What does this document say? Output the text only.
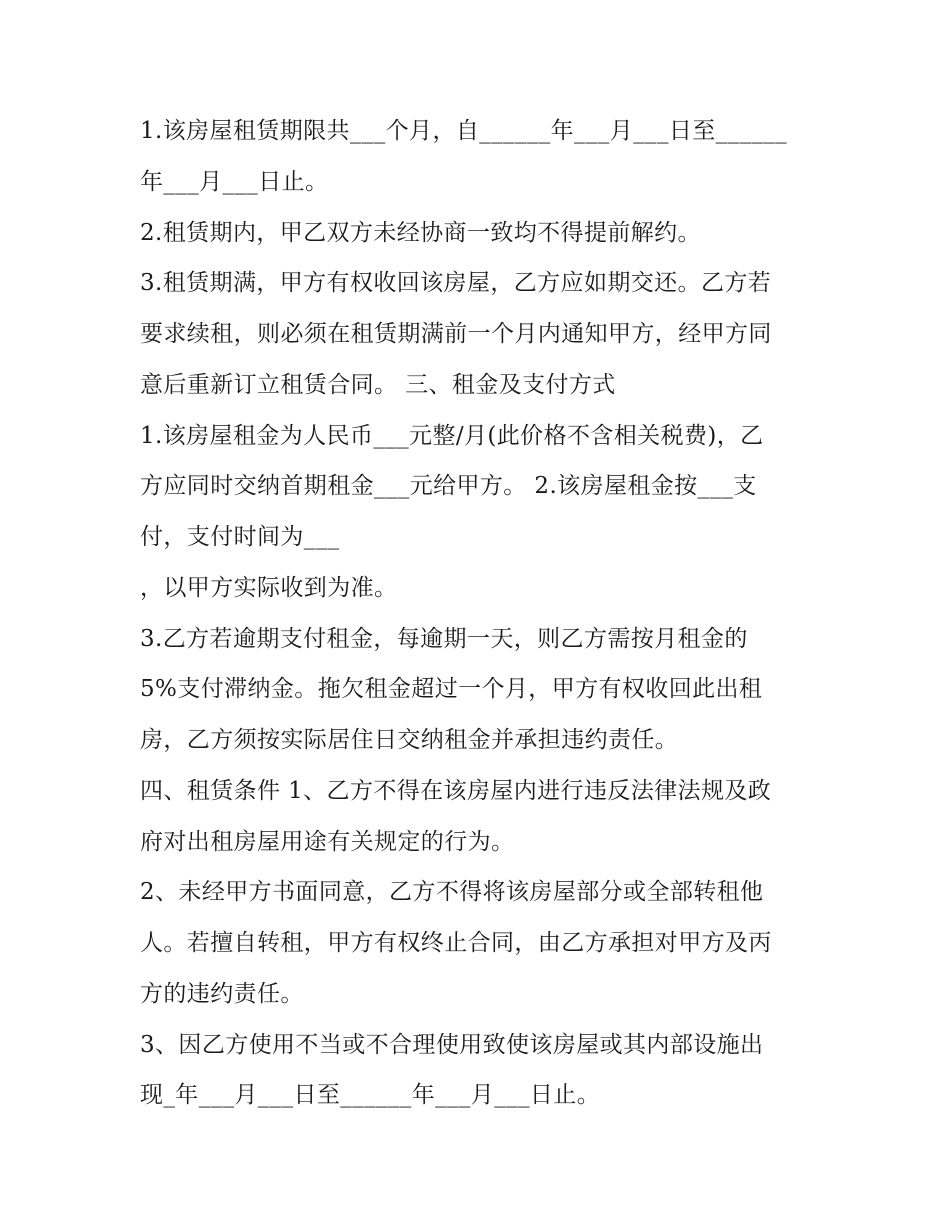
1.该房屋租赁期限共___个月，自______年___月___日至______
年___月___日止。
2.租赁期内，甲乙双方未经协商一致均不得提前解约。
3.租赁期满，甲方有权收回该房屋，乙方应如期交还。乙方若
要求续租，则必须在租赁期满前一个月内通知甲方，经甲方同
意后重新订立租赁合同。 三、租金及支付方式
1.该房屋租金为人民币___元整/月(此价格不含相关税费)，乙
方应同时交纳首期租金___元给甲方。 2.该房屋租金按___支
付，支付时间为___
，以甲方实际收到为准。
3.乙方若逾期支付租金，每逾期一天，则乙方需按月租金的
5%支付滞纳金。拖欠租金超过一个月，甲方有权收回此出租
房，乙方须按实际居住日交纳租金并承担违约责任。
四、租赁条件 1、乙方不得在该房屋内进行违反法律法规及政
府对出租房屋用途有关规定的行为。
2、未经甲方书面同意，乙方不得将该房屋部分或全部转租他
人。若擅自转租，甲方有权终止合同，由乙方承担对甲方及丙
方的违约责任。
3、因乙方使用不当或不合理使用致使该房屋或其内部设施出
现_年___月___日至______年___月___日止。
